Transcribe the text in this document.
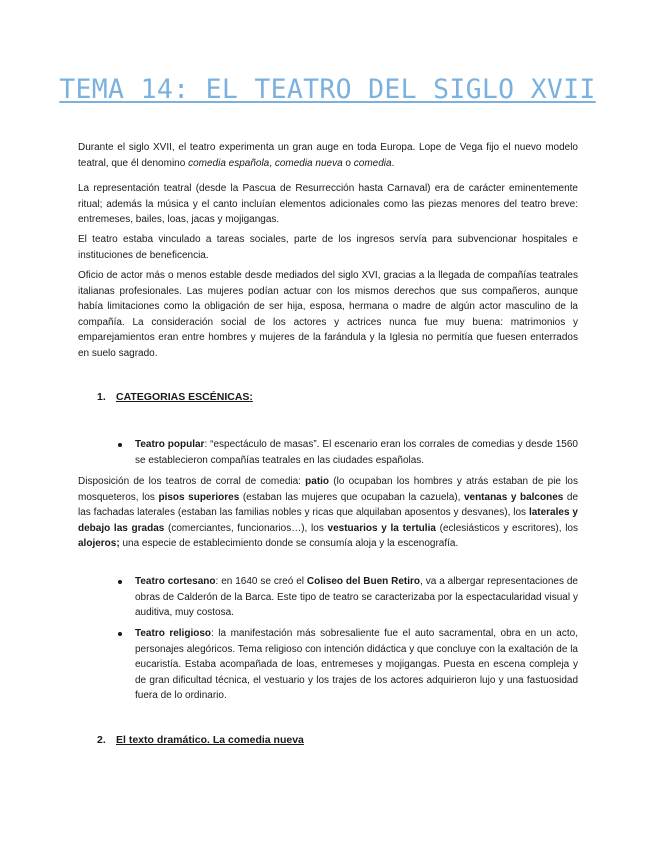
TEMA 14: EL TEATRO DEL SIGLO XVII

Durante el siglo XVII, el teatro experimenta un gran auge en toda Europa. Lope de Vega fijo el nuevo modelo teatral, que él denomino comedia española, comedia nueva o comedia.

La representación teatral (desde la Pascua de Resurrección hasta Carnaval) era de carácter eminentemente ritual; además la música y el canto incluían elementos adicionales como las piezas menores del teatro breve: entremeses, bailes, loas, jacas y mojigangas.

El teatro estaba vinculado a tareas sociales, parte de los ingresos servía para subvencionar hospitales e instituciones de beneficencia.

Oficio de actor más o menos estable desde mediados del siglo XVI, gracias a la llegada de compañías teatrales italianas profesionales. Las mujeres podían actuar con los mismos derechos que sus compañeros, aunque había limitaciones como la obligación de ser hija, esposa, hermana o madre de algún actor masculino de la compañía. La consideración social de los actores y actrices nunca fue muy buena: matrimonios y emparejamientos eran entre hombres y mujeres de la farándula y la Iglesia no permitía que fuesen enterrados en suelo sagrado.

1. CATEGORIAS ESCÉNICAS:

Teatro popular: “espectáculo de masas”. El escenario eran los corrales de comedias y desde 1560 se establecieron compañías teatrales en las ciudades españolas.

Disposición de los teatros de corral de comedia: patio (lo ocupaban los hombres y atrás estaban de pie los mosqueteros, los pisos superiores (estaban las mujeres que ocupaban la cazuela), ventanas y balcones de las fachadas laterales (estaban las familias nobles y ricas que alquilaban aposentos y desvanes), los laterales y debajo las gradas (comerciantes, funcionarios…), los vestuarios y la tertulia (eclesiásticos y escritores), los alojeros; una especie de establecimiento donde se consumía aloja y la escenografía.

Teatro cortesano: en 1640 se creó el Coliseo del Buen Retiro, va a albergar representaciones de obras de Calderón de la Barca. Este tipo de teatro se caracterizaba por la espectacularidad visual y auditiva, muy costosa.

Teatro religioso: la manifestación más sobresaliente fue el auto sacramental, obra en un acto, personajes alegóricos. Tema religioso con intención didáctica y que concluye con la exaltación de la eucaristía. Estaba acompañada de loas, entremeses y mojigangas. Puesta en escena compleja y de gran dificultad técnica, el vestuario y los trajes de los actores adquirieron lujo y una fastuosidad fuera de lo ordinario.

2. El texto dramático. La comedia nueva
